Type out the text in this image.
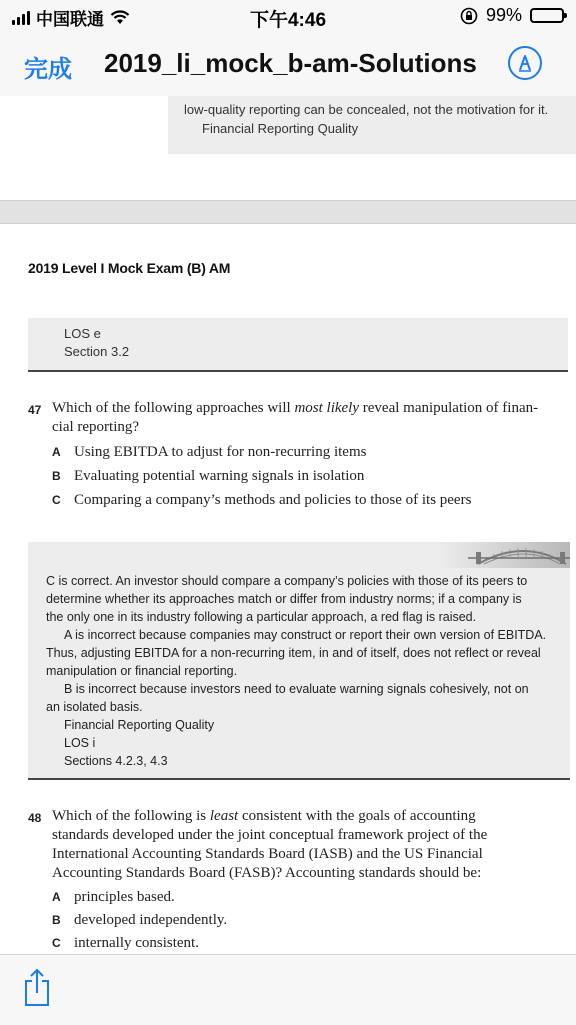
中国联通	下午4:46	99%
完成 2019_li_mock_b-am-Solutions
low-quality reporting can be concealed, not the motivation for it.
Financial Reporting Quality
2019 Level I Mock Exam (B) AM
LOS e
Section 3.2
47 Which of the following approaches will most likely reveal manipulation of finan-
cial reporting?
A Using EBITDA to adjust for non-recurring items
B Evaluating potential warning signals in isolation
C Comparing a company’s methods and policies to those of its peers
C is correct. An investor should compare a company’s policies with those of its peers to
determine whether its approaches match or differ from industry norms; if a company is
the only one in its industry following a particular approach, a red flag is raised.
A is incorrect because companies may construct or report their own version of EBITDA.
Thus, adjusting EBITDA for a non-recurring item, in and of itself, does not reflect or reveal
manipulation or financial reporting.
B is incorrect because investors need to evaluate warning signals cohesively, not on
an isolated basis.
Financial Reporting Quality
LOS i
Sections 4.2.3, 4.3
48 Which of the following is least consistent with the goals of accounting
standards developed under the joint conceptual framework project of the
International Accounting Standards Board (IASB) and the US Financial
Accounting Standards Board (FASB)? Accounting standards should be:
A principles based.
B developed independently.
C internally consistent.
